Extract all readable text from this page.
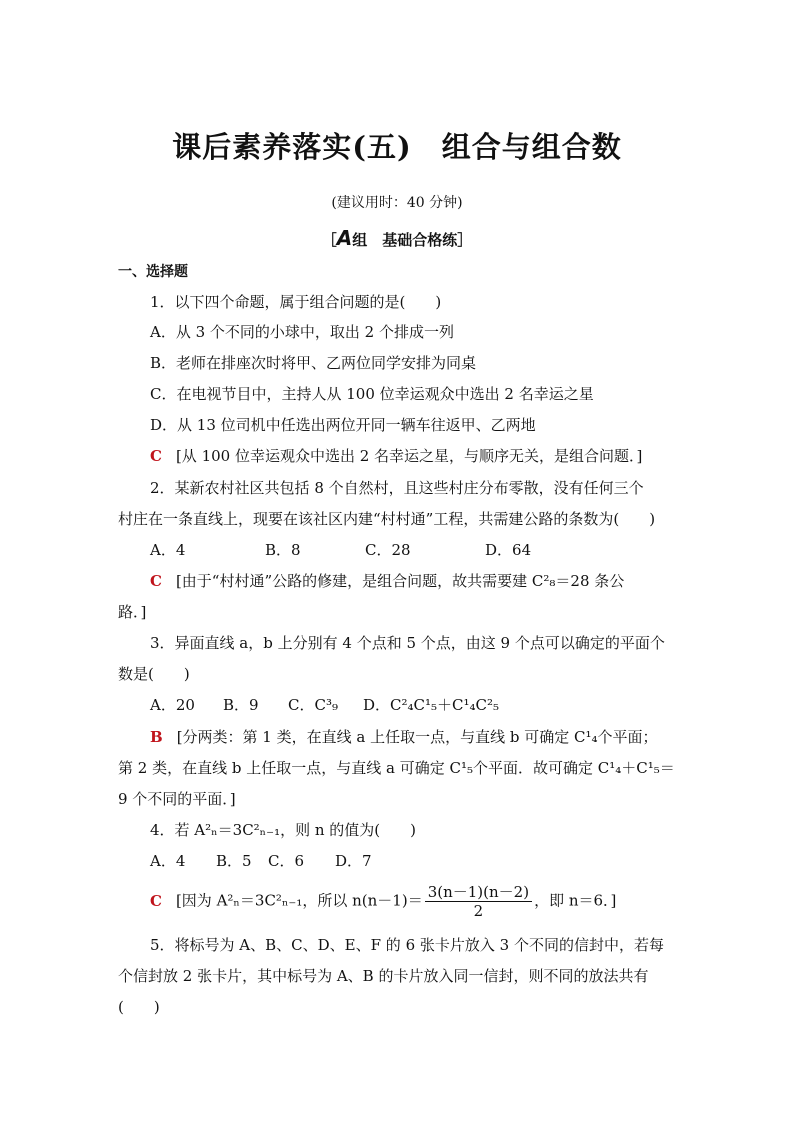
课后素养落实(五)　组合与组合数
(建议用时：40 分钟)
［A组　基础合格练］
一、选择题
1．以下四个命题，属于组合问题的是(　　)
A．从 3 个不同的小球中，取出 2 个排成一列
B．老师在排座次时将甲、乙两位同学安排为同桌
C．在电视节目中，主持人从 100 位幸运观众中选出 2 名幸运之星
D．从 13 位司机中任选出两位开同一辆车往返甲、乙两地
C [从 100 位幸运观众中选出 2 名幸运之星，与顺序无关，是组合问题．]
2．某新农村社区共包括 8 个自然村，且这些村庄分布零散，没有任何三个
村庄在一条直线上，现要在该社区内建“村村通”工程，共需建公路的条数为(　　)
A．4	B．8	C．28	D．64
C [由于“村村通”公路的修建，是组合问题，故共需要建 C²₈＝28 条公
路．]
3．异面直线 a，b 上分别有 4 个点和 5 个点，由这 9 个点可以确定的平面个
数是(　　)
A．20 B．9 C．C³₉ D．C²₄C¹₅＋C¹₄C²₅
B [分两类：第 1 类，在直线 a 上任取一点，与直线 b 可确定 C¹₄个平面；
第 2 类，在直线 b 上任取一点，与直线 a 可确定 C¹₅个平面．故可确定 C¹₄＋C¹₅＝
9 个不同的平面．]
4．若 A²ₙ＝3C²ₙ₋₁，则 n 的值为(　　)
A．4 B．5 C．6 D．7
C [因为 A²ₙ＝3C²ₙ₋₁，所以 $n(n-1)= \frac{3(n-1)(n-2)}{2}$ ，即 n＝6．]
5．将标号为 A、B、C、D、E、F 的 6 张卡片放入 3 个不同的信封中，若每
个信封放 2 张卡片，其中标号为 A、B 的卡片放入同一信封，则不同的放法共有
(　　)
